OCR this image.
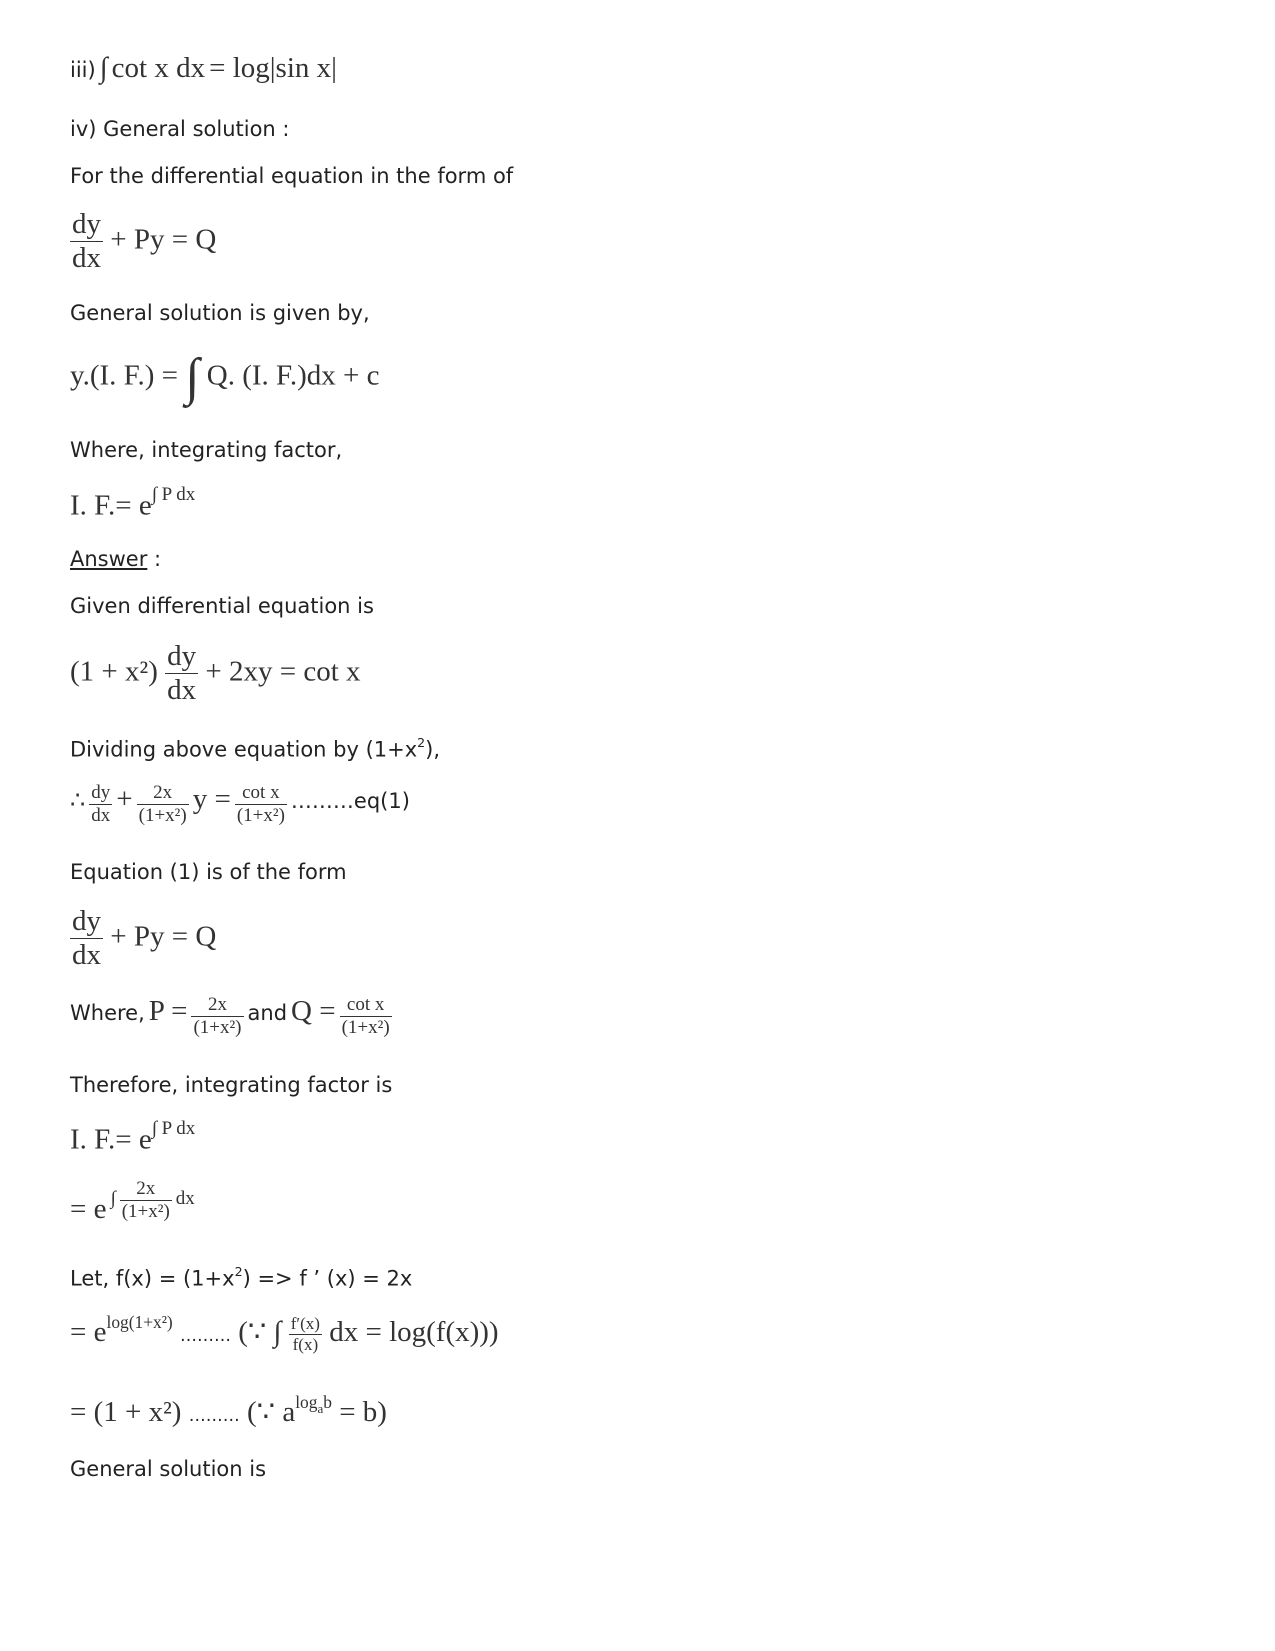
iii) ∫ cot x dx = log|sin x|
iv) General solution :
For the differential equation in the form of
$\frac{dy}{dx} + Py = Q$
General solution is given by,
y.(I. F.) = ∫ Q. (I. F.)dx + c
Where, integrating factor,
I. $F.= e^{\int P dx}$
Answer :
Given differential equation is
$(1 + x^2) \frac{dy}{dx} + 2xy = \cot x$
Dividing above equation by $(1+x^2)$,
∴ $\frac{dy}{dx} + \frac{2x}{\text{(1+x²)}}$ $y = \frac{\text{cot x}}{\text{(1+x²)}}$ ………eq(1)
Equation (1) is of the form
$\frac{dy}{dx} + Py = Q$
Where, $P = \frac{2x}{\text{(1+x²)}}$ and $Q = \frac{\text{cot x}}{\text{(1+x²)}}$
Therefore, integrating factor is
I. $F.= e^{\int P dx}$
= e ∫ $\frac{2x}{\text{(1+x²)}}$ dx
Let, $f(x) = (1+x^2) => f$ ’ (x) = 2x
= $e^{log(1+x^2)}$ ……… (∵ ∫ $\frac{f'(x)}{f(x)}$ dx = log(f(x)))
= (1 + x²) ……… (∵ $a^{logab} = b$)
General solution is
